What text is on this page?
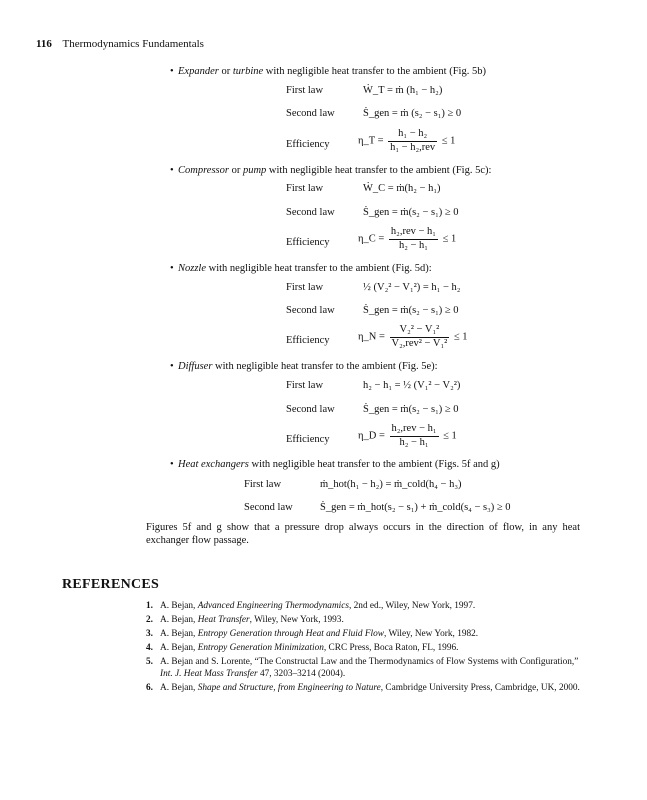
116 Thermodynamics Fundamentals
• Expander or turbine with negligible heat transfer to the ambient (Fig. 5b)
First law	Ẇ_T = ṁ (h₁ − h₂)
Second law	Ṡ_gen = ṁ (s₂ − s₁) ≥ 0
Efficiency	η_T = $\frac{\text{h₁ − h₂}}{\text{h₁ − h₂,rev}} \le 1$
• Compressor or pump with negligible heat transfer to the ambient (Fig. 5c):
First law	Ẇ_C = ṁ(h₂ − h₁)
Second law	Ṡ_gen = ṁ(s₂ − s₁) ≥ 0
Efficiency	η_C = $\frac{\text{h₂,rev − h₁}}{\text{h₂ − h₁}} \le 1$
• Nozzle with negligible heat transfer to the ambient (Fig. 5d):
First law	½ (V₂² − V₁²) = h₁ − h₂
Second law	Ṡ_gen = ṁ(s₂ − s₁) ≥ 0
Efficiency	η_N = $\frac{\text{V₂² − V₁²}}{\text{V₂,rev² − V₁²}} \le 1$
• Diffuser with negligible heat transfer to the ambient (Fig. 5e):
First law	h₂ − h₁ = ½ (V₁² − V₂²)
Second law	Ṡ_gen = ṁ(s₂ − s₁) ≥ 0
Efficiency	η_D = $\frac{\text{h₂,rev − h₁}}{\text{h₂ − h₁}} \le 1$
• Heat exchangers with negligible heat transfer to the ambient (Figs. 5f and g)
First law	ṁ_hot(h₁ − h₂) = ṁ_cold(h₄ − h₃)
Second law	Ṡ_gen = ṁ_hot(s₂ − s₁) + ṁ_cold(s₄ − s₃) ≥ 0
Figures 5f and g show that a pressure drop always occurs in the direction of flow, in any heat exchanger flow passage.
REFERENCES
1. A. Bejan, Advanced Engineering Thermodynamics, 2nd ed., Wiley, New York, 1997.
2. A. Bejan, Heat Transfer, Wiley, New York, 1993.
3. A. Bejan, Entropy Generation through Heat and Fluid Flow, Wiley, New York, 1982.
4. A. Bejan, Entropy Generation Minimization, CRC Press, Boca Raton, FL, 1996.
5. A. Bejan and S. Lorente, “The Constructal Law and the Thermodynamics of Flow Systems with Configuration,” Int. J. Heat Mass Transfer 47, 3203–3214 (2004).
6. A. Bejan, Shape and Structure, from Engineering to Nature, Cambridge University Press, Cambridge, UK, 2000.
